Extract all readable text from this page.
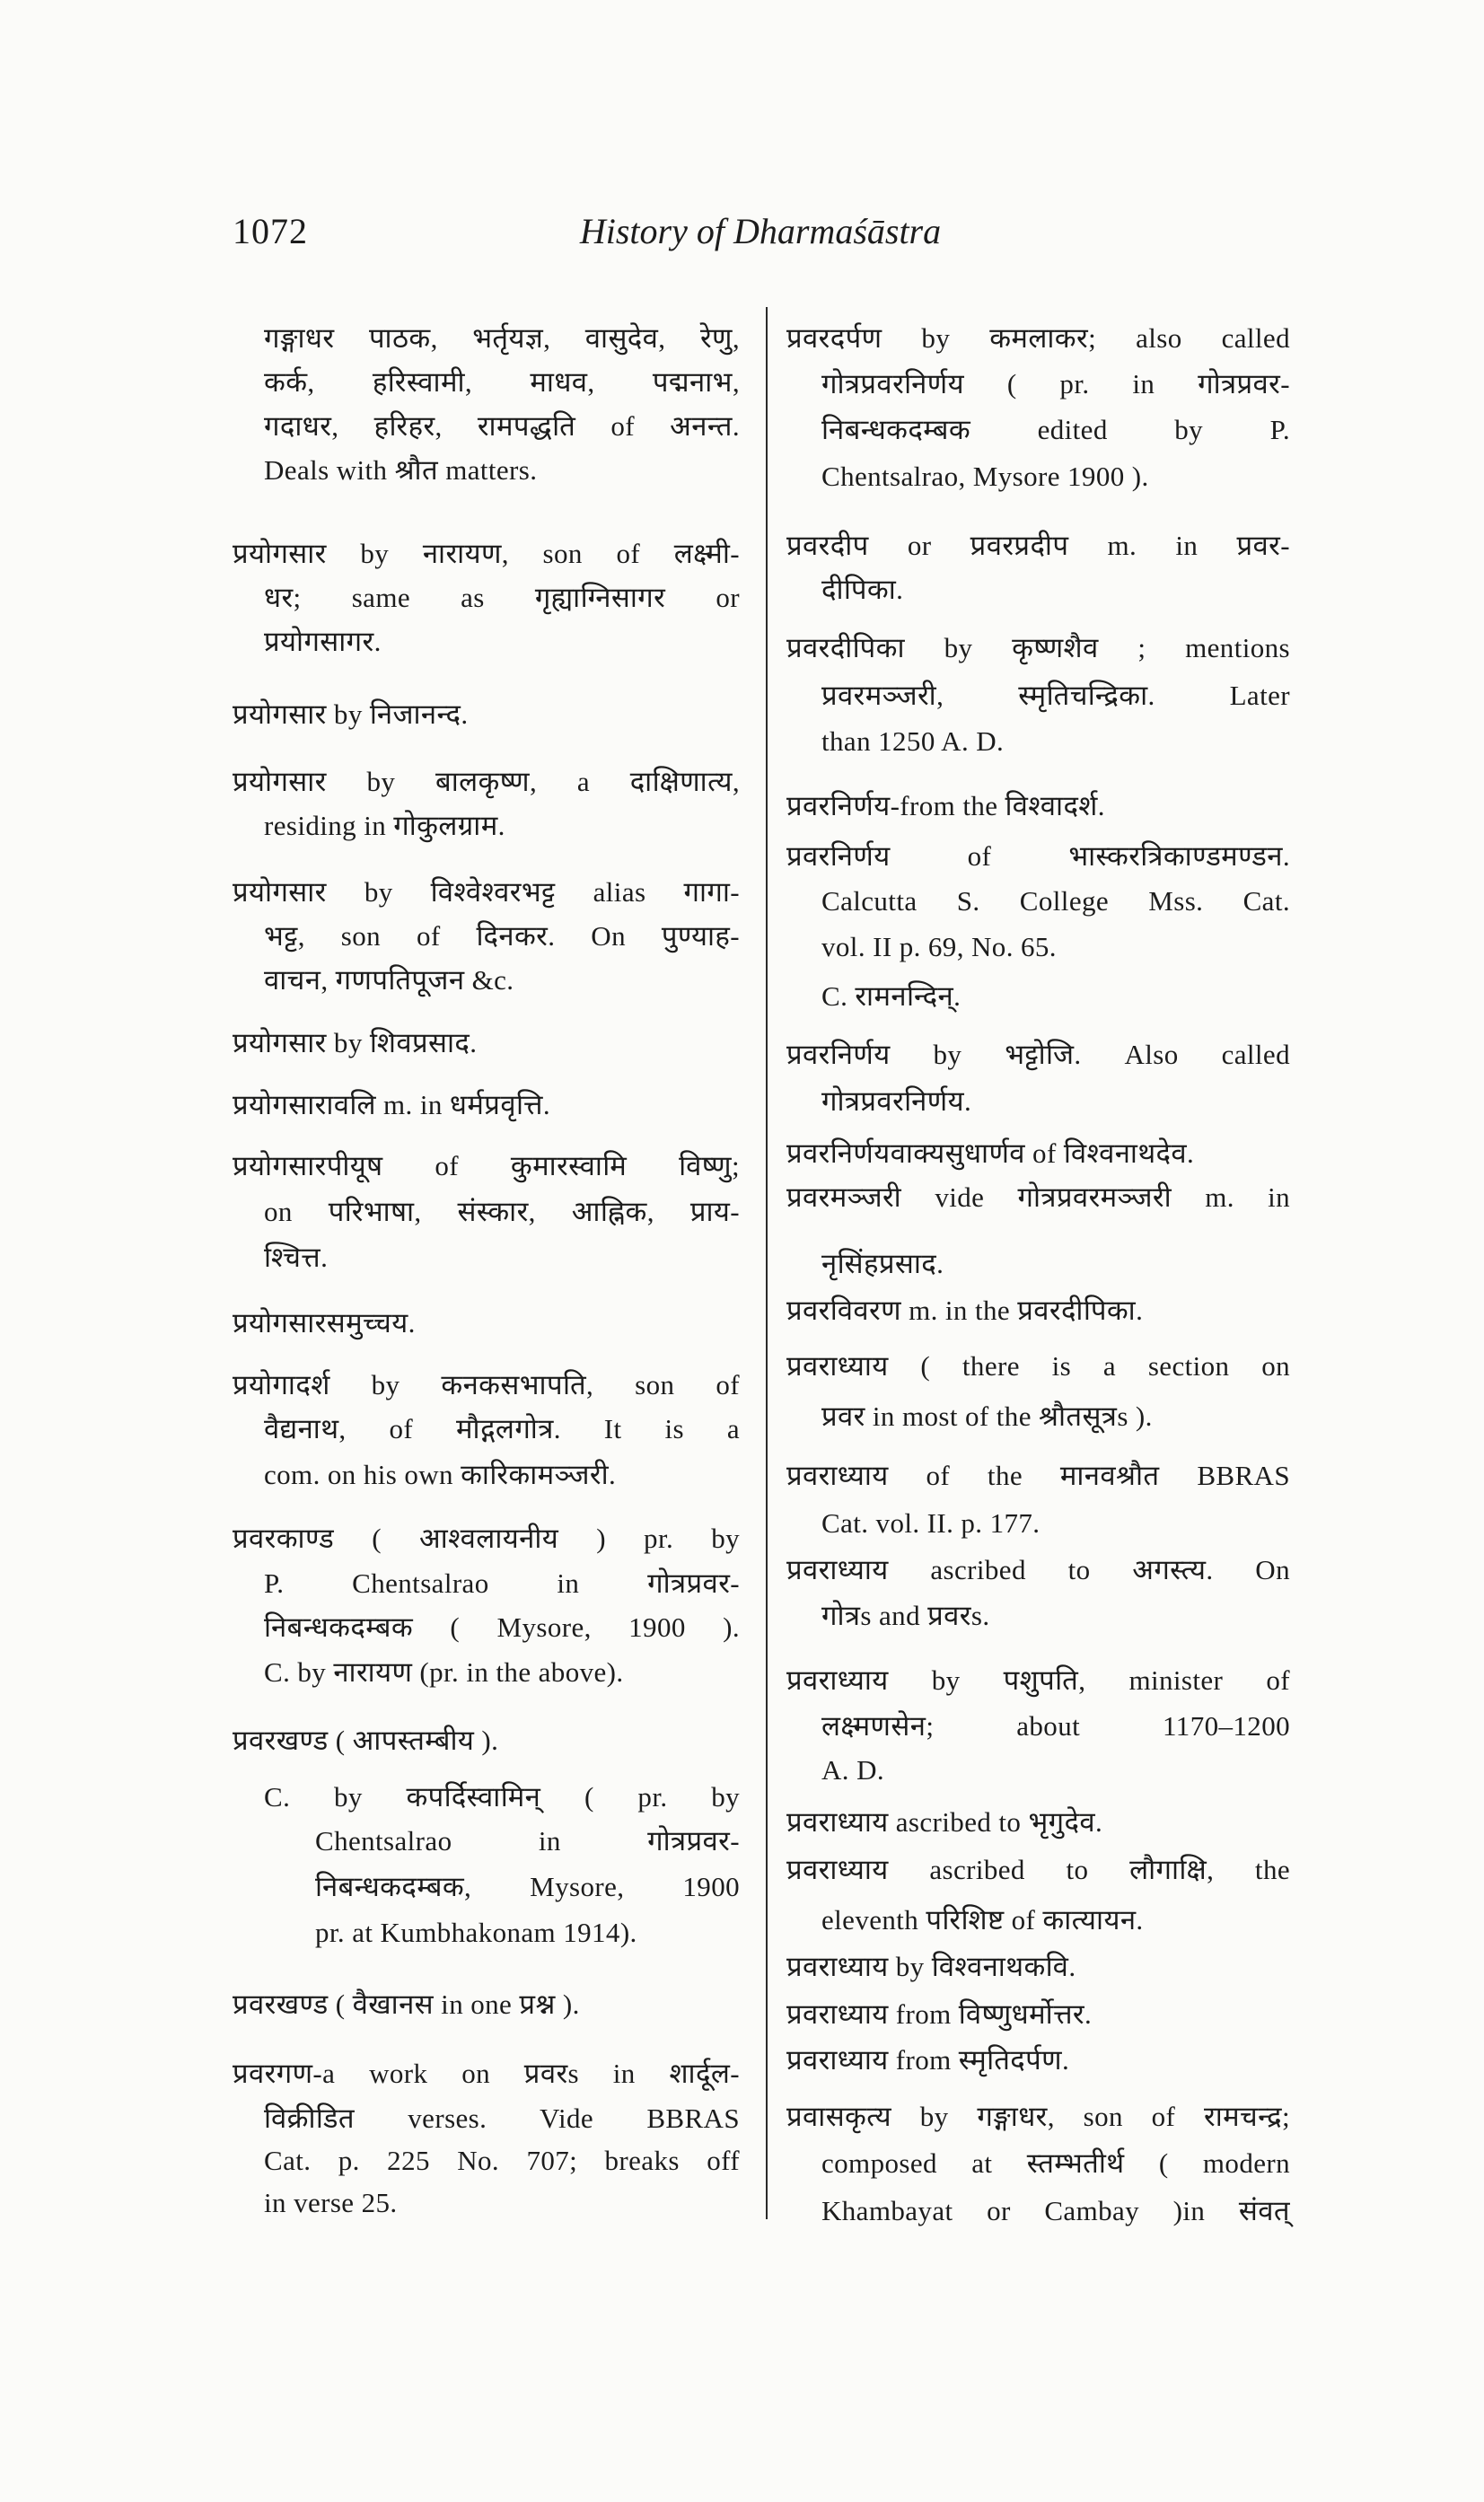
1072	History of Dharmaśāstra
गङ्गाधर पाठक, भर्तृयज्ञ, वासुदेव, रेणु,
कर्क, हरिस्वामी, माधव, पद्मनाभ,
गदाधर, हरिहर, रामपद्धति of अनन्त.
Deals with श्रौत matters.
प्रयोगसार by नारायण, son of लक्ष्मी-
धर; same as गृह्याग्निसागर or
प्रयोगसागर.
प्रयोगसार by निजानन्द.
प्रयोगसार by बालकृष्ण, a दाक्षिणात्य,
residing in गोकुलग्राम.
प्रयोगसार by विश्वेश्वरभट्ट alias गागा-
भट्ट, son of दिनकर. On पुण्याह-
वाचन, गणपतिपूजन &c.
प्रयोगसार by शिवप्रसाद.
प्रयोगसारावलि m. in धर्मप्रवृत्ति.
प्रयोगसारपीयूष of कुमारस्वामि विष्णु;
on परिभाषा, संस्कार, आह्निक, प्राय-
श्चित्त.
प्रयोगसारसमुच्चय.
प्रयोगादर्श by कनकसभापति, son of
वैद्यनाथ, of मौद्गलगोत्र. It is a
com. on his own कारिकामञ्जरी.
प्रवरकाण्ड ( आश्वलायनीय ) pr. by
P. Chentsalrao in गोत्रप्रवर-
निबन्धकदम्बक ( Mysore, 1900 ).
C. by नारायण (pr. in the above).
प्रवरखण्ड ( आपस्तम्बीय ).
C. by कपर्दिस्वामिन् ( pr. by
Chentsalrao in गोत्रप्रवर-
निबन्धकदम्बक, Mysore, 1900
pr. at Kumbhakonam 1914).
प्रवरखण्ड ( वैखानस in one प्रश्न ).
प्रवरगण-a work on प्रवरs in शार्दूल-
विक्रीडित verses. Vide BBRAS
Cat. p. 225 No. 707; breaks off
in verse 25.
प्रवरदर्पण by कमलाकर; also called
गोत्रप्रवरनिर्णय ( pr. in गोत्रप्रवर-
निबन्धकदम्बक edited by P.
Chentsalrao, Mysore 1900 ).
प्रवरदीप or प्रवरप्रदीप m. in प्रवर-
दीपिका.
प्रवरदीपिका by कृष्णशैव ; mentions
प्रवरमञ्जरी, स्मृतिचन्द्रिका. Later
than 1250 A. D.
प्रवरनिर्णय-from the विश्वादर्श.
प्रवरनिर्णय of भास्करत्रिकाण्डमण्डन.
Calcutta S. College Mss. Cat.
vol. II p. 69, No. 65.
C. रामनन्दिन्.
प्रवरनिर्णय by भट्टोजि. Also called
गोत्रप्रवरनिर्णय.
प्रवरनिर्णयवाक्यसुधार्णव of विश्वनाथदेव.
प्रवरमञ्जरी vide गोत्रप्रवरमञ्जरी m. in
नृसिंहप्रसाद.
प्रवरविवरण m. in the प्रवरदीपिका.
प्रवराध्याय ( there is a section on
प्रवर in most of the श्रौतसूत्रs ).
प्रवराध्याय of the मानवश्रौत BBRAS
Cat. vol. II. p. 177.
प्रवराध्याय ascribed to अगस्त्य. On
गोत्रs and प्रवरs.
प्रवराध्याय by पशुपति, minister of
लक्ष्मणसेन; about 1170–1200
A. D.
प्रवराध्याय ascribed to भृगुदेव.
प्रवराध्याय ascribed to लौगाक्षि, the
eleventh परिशिष्ट of कात्यायन.
प्रवराध्याय by विश्वनाथकवि.
प्रवराध्याय from विष्णुधर्मोत्तर.
प्रवराध्याय from स्मृतिदर्पण.
प्रवासकृत्य by गङ्गाधर, son of रामचन्द्र;
composed at स्तम्भतीर्थ ( modern
Khambayat or Cambay )in संवत्
